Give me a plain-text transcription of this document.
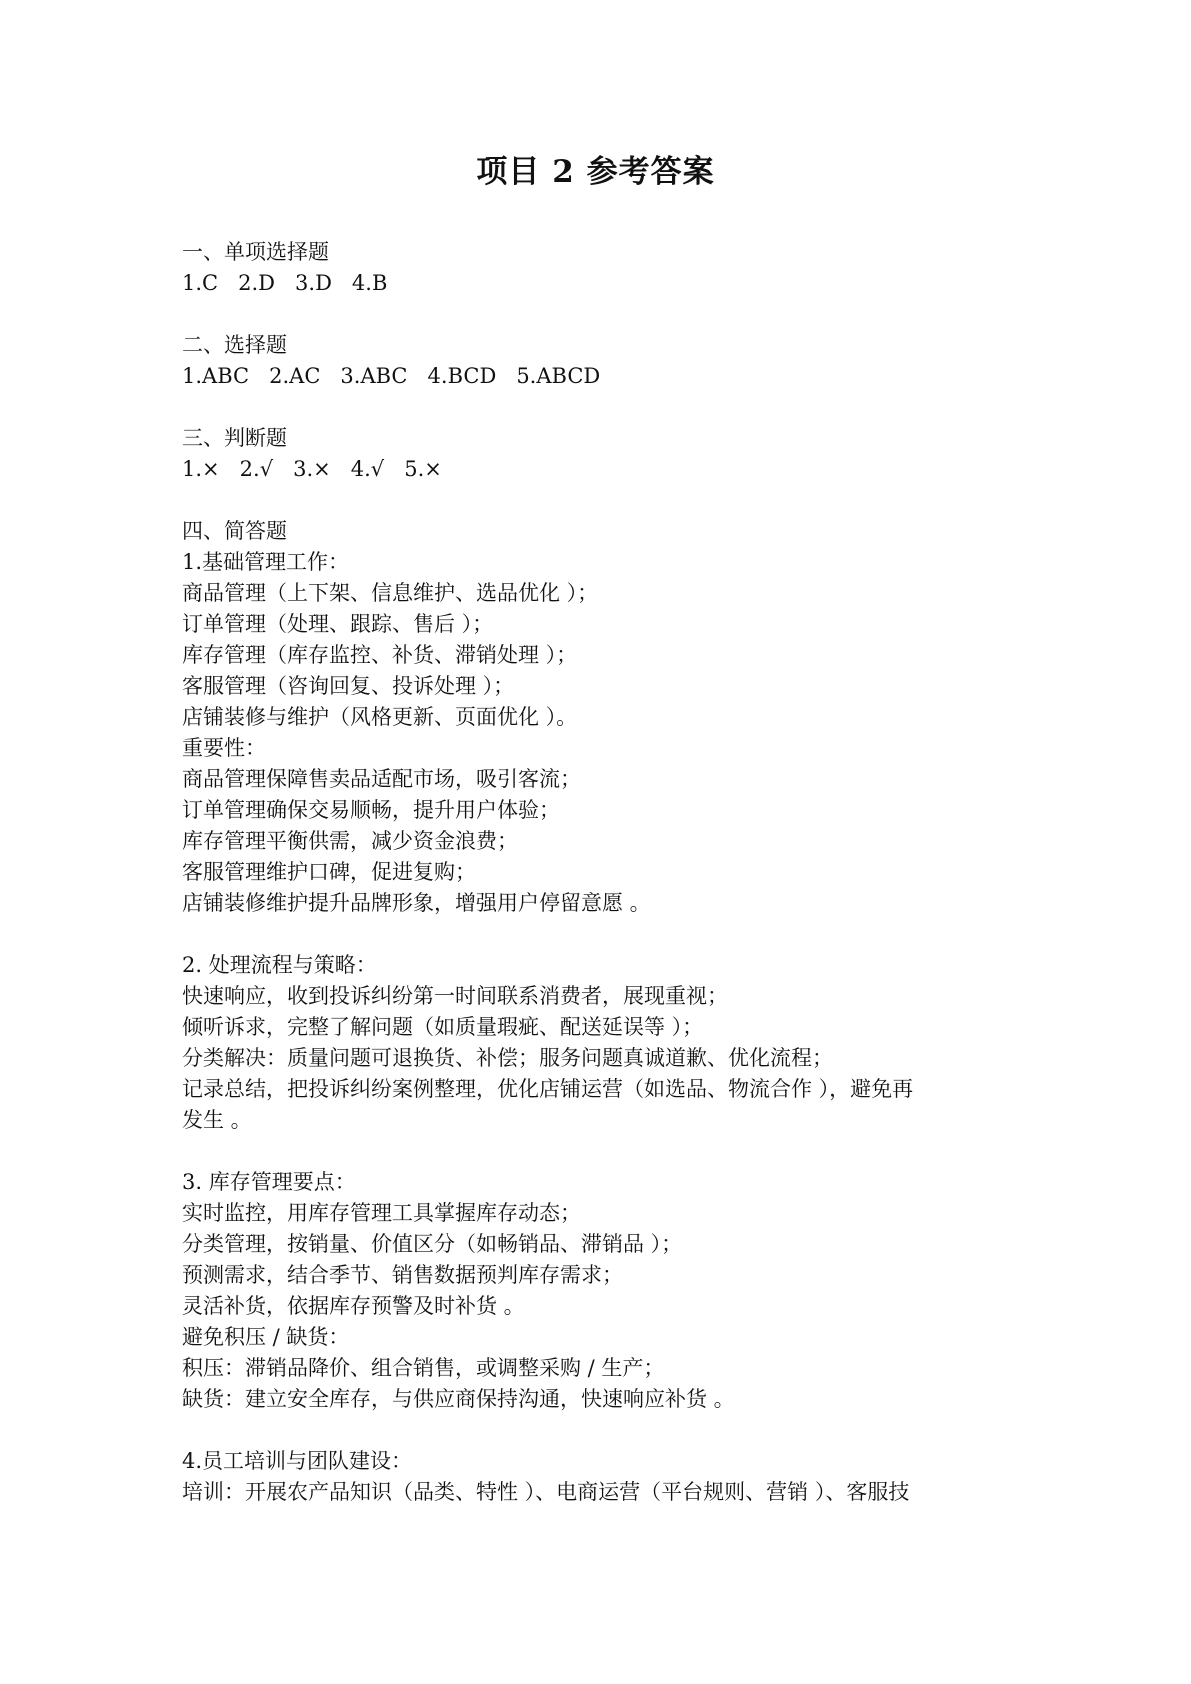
项目 2 参考答案
一、单项选择题
1.C   2.D   3.D   4.B
二、选择题
1.ABC   2.AC   3.ABC   4.BCD   5.ABCD
三、判断题
1.×   2.√   3.×   4.√   5.×
四、简答题
1.基础管理工作：
商品管理（上下架、信息维护、选品优化 ）；
订单管理（处理、跟踪、售后 ）；
库存管理（库存监控、补货、滞销处理 ）；
客服管理（咨询回复、投诉处理 ）；
店铺装修与维护（风格更新、页面优化 ）。
重要性：
商品管理保障售卖品适配市场，吸引客流；
订单管理确保交易顺畅，提升用户体验；
库存管理平衡供需，减少资金浪费；
客服管理维护口碑，促进复购；
店铺装修维护提升品牌形象，增强用户停留意愿 。
2. 处理流程与策略：
快速响应，收到投诉纠纷第一时间联系消费者，展现重视；
倾听诉求，完整了解问题（如质量瑕疵、配送延误等 ）；
分类解决：质量问题可退换货、补偿；服务问题真诚道歉、优化流程；
记录总结，把投诉纠纷案例整理，优化店铺运营（如选品、物流合作 ），避免再
发生 。
3. 库存管理要点：
实时监控，用库存管理工具掌握库存动态；
分类管理，按销量、价值区分（如畅销品、滞销品 ）；
预测需求，结合季节、销售数据预判库存需求；
灵活补货，依据库存预警及时补货 。
避免积压 / 缺货：
积压：滞销品降价、组合销售，或调整采购 / 生产；
缺货：建立安全库存，与供应商保持沟通，快速响应补货 。
4.员工培训与团队建设：
培训：开展农产品知识（品类、特性 ）、电商运营（平台规则、营销 ）、客服技
